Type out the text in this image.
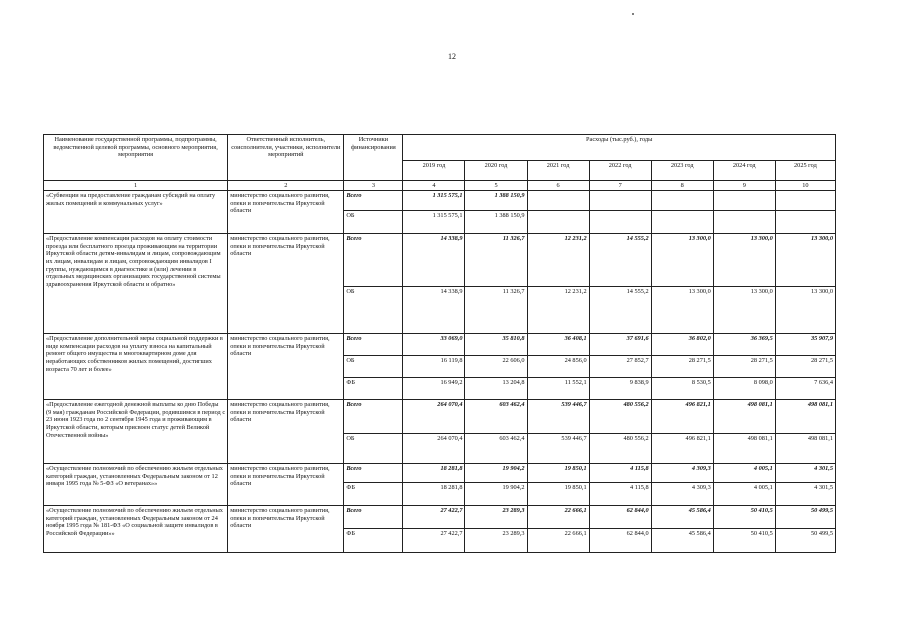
12
Наименование государственной программы, подпрограммы, ведомственной целевой программы, основного мероприятия, мероприятия	Ответственный исполнитель, соисполнители, участники, исполнители мероприятий	Источники финансирования	Расходы (тыс.руб.), годы						
			2019 год	2020 год	2021 год	2022 год	2023 год	2024 год	2025 год
1	2	3	4	5	6	7	8	9	10
«Субвенции на предоставление гражданам субсидий на оплату жилых помещений и коммунальных услуг»	министерство социального развития, опеки и попечительства Иркутской области	Всего	1 315 575,1	1 388 150,9					
		ОБ	1 315 575,1	1 388 150,9					
«Предоставление компенсации расходов на оплату стоимости проезда или бесплатного проезда проживающим на территории Иркутской области детям-инвалидам и лицам, сопровождающим их лицам, инвалидам и лицам, сопровождающим инвалидов I группы, нуждающимся в диагностике и (или) лечении в отдельных медицинских организациях государственной системы здравоохранения Иркутской области и обратно»	министерство социального развития, опеки и попечительства Иркутской области	Всего	14 338,9	11 326,7	12 231,2	14 555,2	13 300,0	13 300,0	13 300,0
		ОБ	14 338,9	11 326,7	12 231,2	14 555,2	13 300,0	13 300,0	13 300,0
«Предоставление дополнительной меры социальной поддержки в виде компенсации расходов на уплату взноса на капитальный ремонт общего имущества в многоквартирном доме для неработающих собственников жилых помещений, достигших возраста 70 лет и более»	министерство социального развития, опеки и попечительства Иркутской области	Всего	33 069,0	35 810,8	36 408,1	37 691,6	36 802,0	36 369,5	35 907,9
		ОБ	16 119,8	22 606,0	24 856,0	27 852,7	28 271,5	28 271,5	28 271,5
		ФБ	16 949,2	13 204,8	11 552,1	9 838,9	8 530,5	8 098,0	7 636,4
«Предоставление ежегодной денежной выплаты ко дню Победы (9 мая) гражданам Российской Федерации, родившимся в период с 23 июня 1923 года по 2 сентября 1945 года и проживающим в Иркутской области, которым присвоен статус детей Великой Отечественной войны»	министерство социального развития, опеки и попечительства Иркутской области	Всего	264 070,4	603 462,4	539 446,7	480 556,2	496 821,1	498 081,1	498 081,1
		ОБ	264 070,4	603 462,4	539 446,7	480 556,2	496 821,1	498 081,1	498 081,1
«Осуществление полномочий по обеспечению жильем отдельных категорий граждан, установленных Федеральным законом от 12 января 1995 года № 5-ФЗ «О ветеранах»»	министерство социального развития, опеки и попечительства Иркутской области	Всего	18 281,8	19 904,2	19 850,1	4 115,8	4 309,3	4 005,1	4 301,5
		ФБ	18 281,8	19 904,2	19 850,1	4 115,8	4 309,3	4 005,1	4 301,5
«Осуществление полномочий по обеспечению жильем отдельных категорий граждан, установленных Федеральным законом от 24 ноября 1995 года № 181-ФЗ «О социальной защите инвалидов в Российской Федерации»»	министерство социального развития, опеки и попечительства Иркутской области	Всего	27 422,7	23 289,3	22 666,1	62 844,0	45 586,4	50 410,5	50 499,5
		ФБ	27 422,7	23 289,3	22 666,1	62 844,0	45 586,4	50 410,5	50 499,5
